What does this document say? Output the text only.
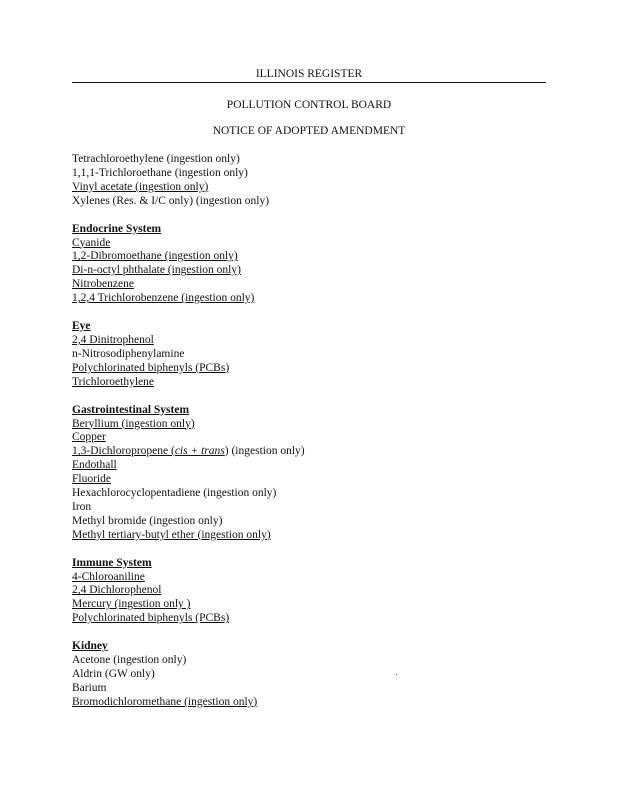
ILLINOIS REGISTER
POLLUTION CONTROL BOARD
NOTICE OF ADOPTED AMENDMENT
Tetrachloroethylene (ingestion only)
1,1,1-Trichloroethane (ingestion only)
Vinyl acetate (ingestion only)
Xylenes (Res. & I/C only) (ingestion only)
Endocrine System
Cyanide
1,2-Dibromoethane (ingestion only)
Di-n-octyl phthalate (ingestion only)
Nitrobenzene
1,2,4 Trichlorobenzene (ingestion only)
Eye
2,4 Dinitrophenol
n-Nitrosodiphenylamine
Polychlorinated biphenyls (PCBs)
Trichloroethylene
Gastrointestinal System
Beryllium (ingestion only)
Copper
1,3-Dichloropropene (cis + trans) (ingestion only)
Endothall
Fluoride
Hexachlorocyclopentadiene (ingestion only)
Iron
Methyl bromide (ingestion only)
Methyl tertiary-butyl ether (ingestion only)
Immune System
4-Chloroaniline
2,4 Dichlorophenol
Mercury (ingestion only )
Polychlorinated biphenyls (PCBs)
Kidney
Acetone (ingestion only)
Aldrin (GW only)
Barium
Bromodichloromethane (ingestion only)
